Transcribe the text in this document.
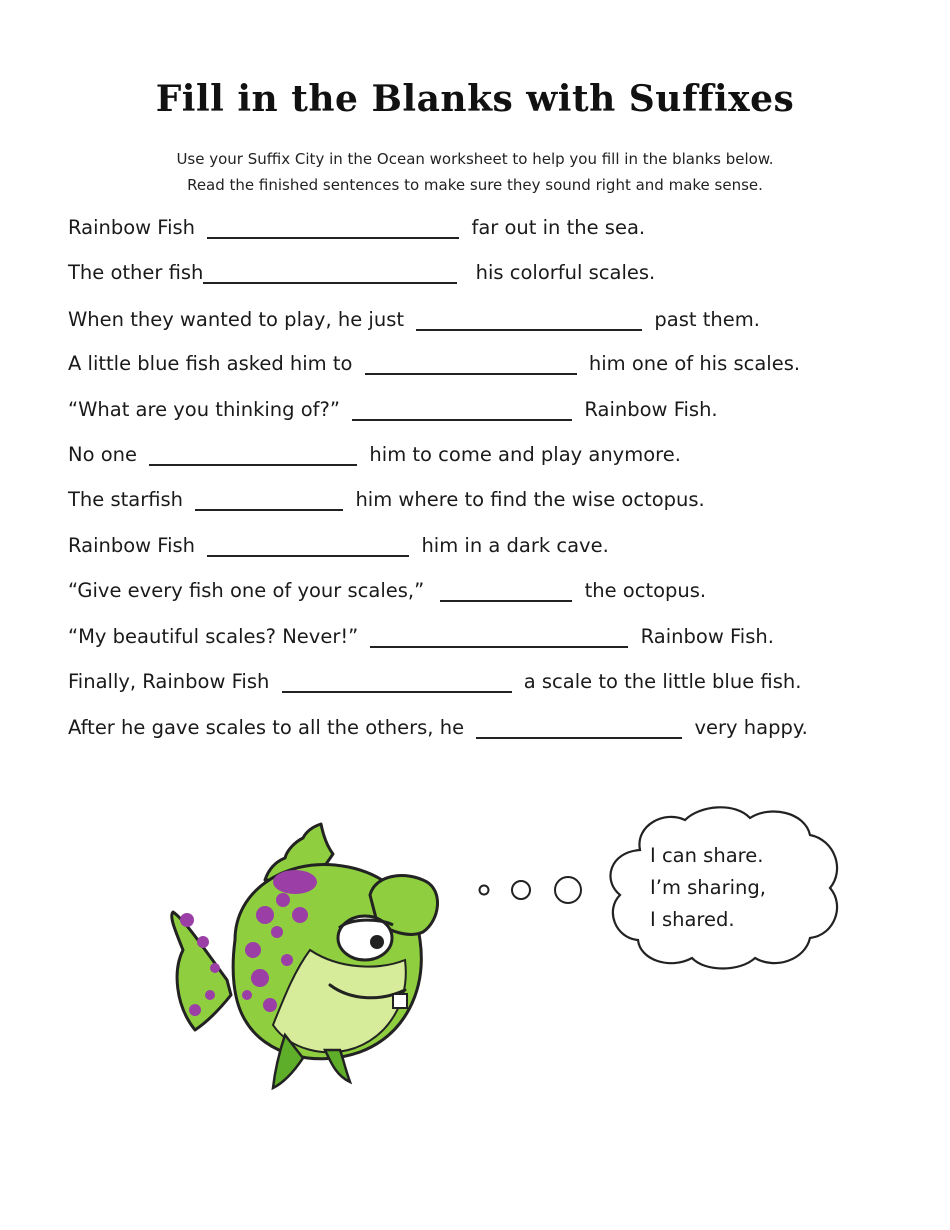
Fill in the Blanks with Suffixes
Use your Suffix City in the Ocean worksheet to help you fill in the blanks below.
Read the finished sentences to make sure they sound right and make sense.
Rainbow Fish	far out in the sea.
The other fish	his colorful scales.
When they wanted to play, he just	past them.
A little blue fish asked him to	him one of his scales.
“What are you thinking of?”	Rainbow Fish.
No one	him to come and play anymore.
The starfish	him where to find the wise octopus.
Rainbow Fish	him in a dark cave.
“Give every fish one of your scales,”	the octopus.
“My beautiful scales? Never!”	Rainbow Fish.
Finally, Rainbow Fish	a scale to the little blue fish.
After he gave scales to all the others, he	very happy.
I can share.
I’m sharing,
I shared.
